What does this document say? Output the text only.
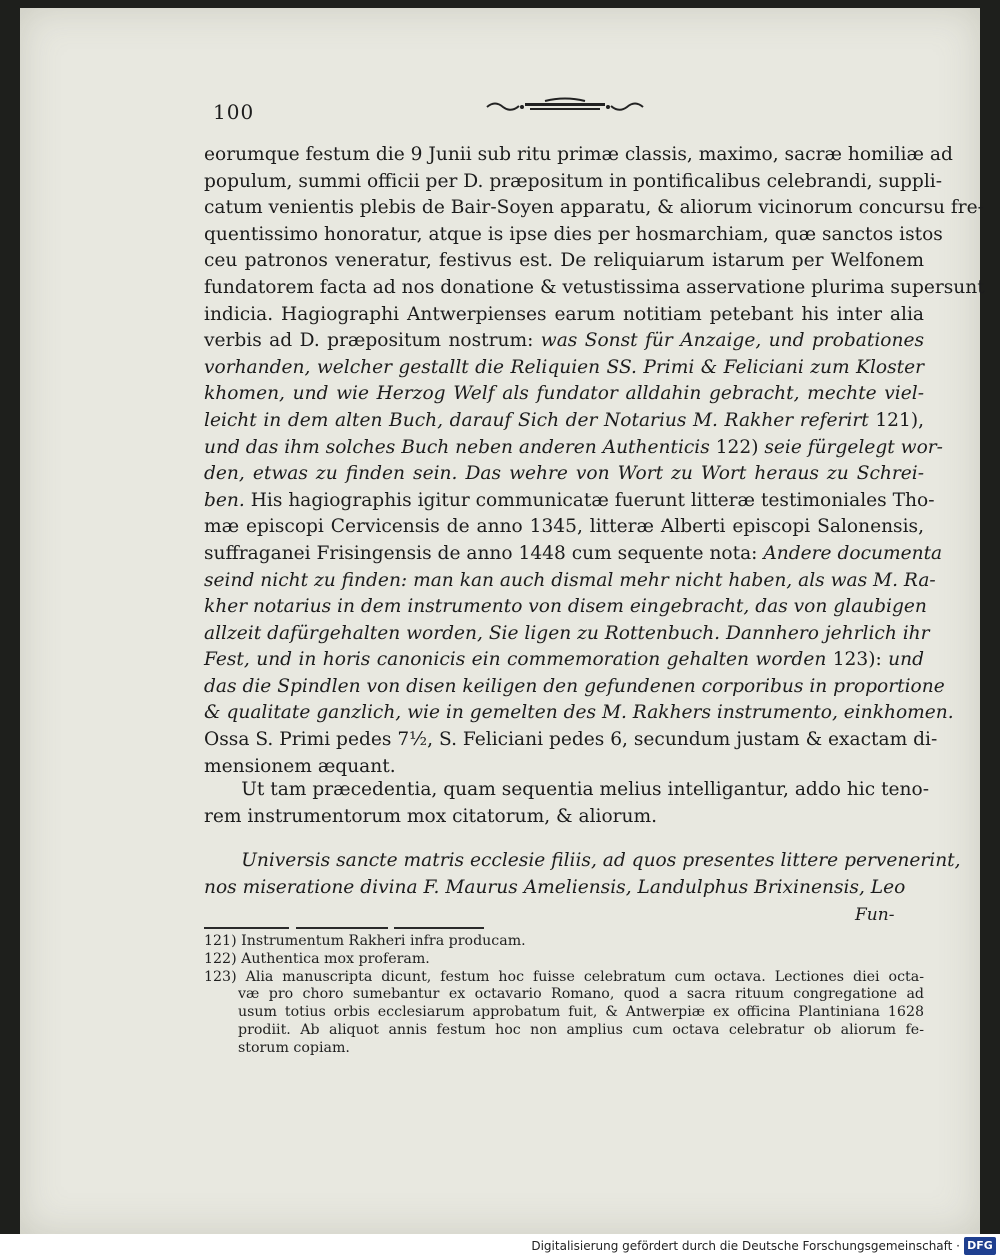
100
eorumque festum die 9 Junii sub ritu primæ classis, maximo, sacræ homiliæ ad
populum, summi officii per D. præpositum in pontificalibus celebrandi, suppli-
catum venientis plebis de Bair-Soyen apparatu, & aliorum vicinorum concursu fre-
quentissimo honoratur, atque is ipse dies per hosmarchiam, quæ sanctos istos
ceu patronos veneratur, festivus est. De reliquiarum istarum per Welfonem
fundatorem facta ad nos donatione & vetustissima asservatione plurima supersunt
indicia. Hagiographi Antwerpienses earum notitiam petebant his inter alia
verbis ad D. præpositum nostrum: was Sonst für Anzaige, und probationes
vorhanden, welcher gestallt die Reliquien SS. Primi & Feliciani zum Kloster
khomen, und wie Herzog Welf als fundator alldahin gebracht, mechte viel-
leicht in dem alten Buch, darauf Sich der Notarius M. Rakher referirt 121),
und das ihm solches Buch neben anderen Authenticis 122) seie fürgelegt wor-
den, etwas zu finden sein. Das wehre von Wort zu Wort heraus zu Schrei-
ben. His hagiographis igitur communicatæ fuerunt litteræ testimoniales Tho-
mæ episcopi Cervicensis de anno 1345, litteræ Alberti episcopi Salonensis,
suffraganei Frisingensis de anno 1448 cum sequente nota: Andere documenta
seind nicht zu finden: man kan auch dismal mehr nicht haben, als was M. Ra-
kher notarius in dem instrumento von disem eingebracht, das von glaubigen
allzeit dafürgehalten worden, Sie ligen zu Rottenbuch. Dannhero jehrlich ihr
Fest, und in horis canonicis ein commemoration gehalten worden 123): und
das die Spindlen von disen keiligen den gefundenen corporibus in proportione
& qualitate ganzlich, wie in gemelten des M. Rakhers instrumento, einkhomen.
Ossa S. Primi pedes 7½, S. Feliciani pedes 6, secundum justam & exactam di-
mensionem æquant.
  Ut tam præcedentia, quam sequentia melius intelligantur, addo hic teno-
rem instrumentorum mox citatorum, & aliorum.
  Universis sancte matris ecclesie filiis, ad quos presentes littere pervenerint,
nos miseratione divina F. Maurus Ameliensis, Landulphus Brixinensis, Leo
Fun-
121) Instrumentum Rakheri infra producam.
122) Authentica mox proferam.
123) Alia manuscripta dicunt, festum hoc fuisse celebratum cum octava. Lectiones diei octa-
væ pro choro sumebantur ex octavario Romano, quod a sacra rituum congregatione ad
usum totius orbis ecclesiarum approbatum fuit, & Antwerpiæ ex officina Plantiniana 1628
prodiit. Ab aliquot annis festum hoc non amplius cum octava celebratur ob aliorum fe-
storum copiam.
Digitalisierung gefördert durch die Deutsche Forschungsgemeinschaft · DFG
